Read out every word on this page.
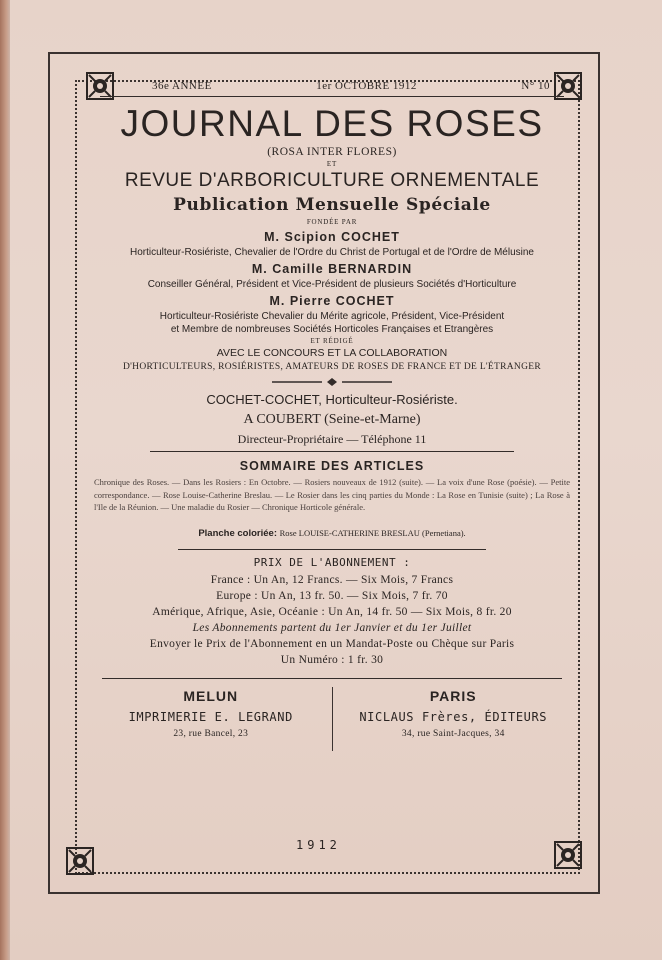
36e ANNEE	1er OCTOBRE 1912	N° 10
JOURNAL DES ROSES
(ROSA INTER FLORES)
ET
REVUE D'ARBORICULTURE ORNEMENTALE
Publication Mensuelle Spéciale
FONDÉE PAR
M. Scipion COCHET
Horticulteur-Rosiériste, Chevalier de l'Ordre du Christ de Portugal et de l'Ordre de Mélusine
M. Camille BERNARDIN
Conseiller Général, Président et Vice-Président de plusieurs Sociétés d'Horticulture
M. Pierre COCHET
Horticulteur-Rosiériste Chevalier du Mérite agricole, Président, Vice-Président
et Membre de nombreuses Sociétés Horticoles Françaises et Etrangères
ET RÉDIGÉ
AVEC LE CONCOURS ET LA COLLABORATION
D'HORTICULTEURS, ROSIÉRISTES, AMATEURS DE ROSES DE FRANCE ET DE L'ÉTRANGER
COCHET-COCHET, Horticulteur-Rosiériste.
A COUBERT (Seine-et-Marne)
Directeur-Propriétaire — Téléphone 11
SOMMAIRE DES ARTICLES
Chronique des Roses. — Dans les Rosiers : En Octobre. — Rosiers nouveaux de 1912 (suite). — La voix d'une Rose (poésie). — Petite correspondance. — Rose Louise-Catherine Breslau. — Le Rosier dans les cinq parties du Monde : La Rose en Tunisie (suite) ; La Rose à l'Ile de la Réunion. — Une maladie du Rosier — Chronique Horticole générale.
Planche coloriée: Rose LOUISE-CATHERINE BRESLAU (Pernetiana).
PRIX DE L'ABONNEMENT :
France : Un An, 12 Francs. — Six Mois, 7 Francs
Europe : Un An, 13 fr. 50. — Six Mois, 7 fr. 70
Amérique, Afrique, Asie, Océanie : Un An, 14 fr. 50 — Six Mois, 8 fr. 20
Les Abonnements partent du 1er Janvier et du 1er Juillet
Envoyer le Prix de l'Abonnement en un Mandat-Poste ou Chèque sur Paris
Un Numéro : 1 fr. 30
MELUN
IMPRIMERIE E. LEGRAND
23, rue Bancel, 23
PARIS
NICLAUS Frères, ÉDITEURS
34, rue Saint-Jacques, 34
1912
